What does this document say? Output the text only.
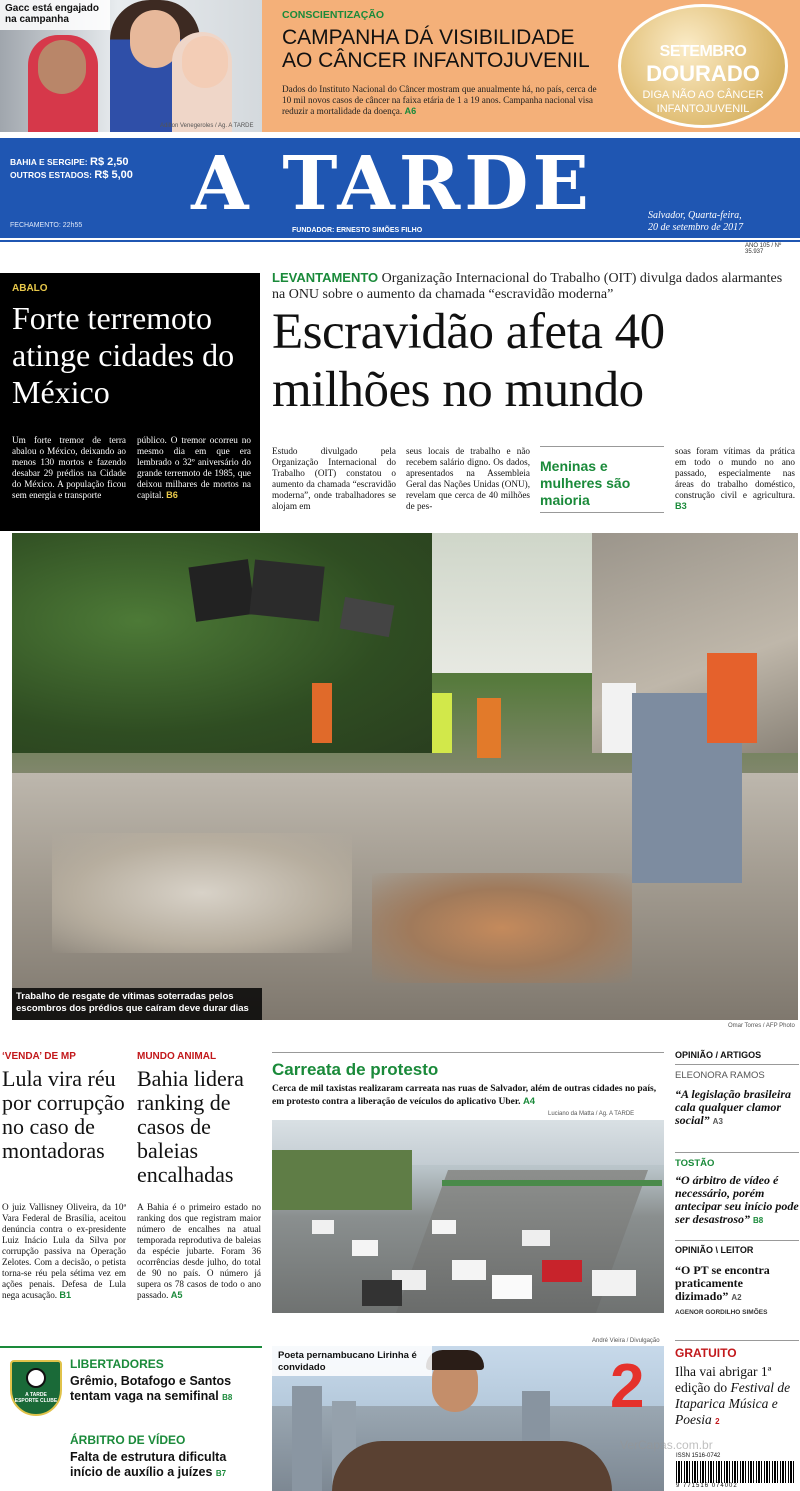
Gacc está engajado na campanha
Adilton Venegeroles / Ag. A TARDE
CONSCIENTIZAÇÃO
CAMPANHA DÁ VISIBILIDADE
AO CÂNCER INFANTOJUVENIL
Dados do Instituto Nacional do Câncer mostram que anualmente há, no país, cerca de 10 mil novos casos de câncer na faixa etária de 1 a 19 anos. Campanha nacional visa reduzir a mortalidade da doença. A6
SETEMBRO
DOURADO
DIGA NÃO AO CÂNCER
INFANTOJUVENIL
BAHIA E SERGIPE: R$ 2,50
OUTROS ESTADOS: R$ 5,00
FECHAMENTO: 22h55	A TARDE
FUNDADOR: ERNESTO SIMÕES FILHO
Salvador, Quarta-feira,
20 de setembro de 2017
ANO 105 / Nº 35.937
ABALO
Forte terremoto atinge cidades do México
Um forte tremor de terra abalou o México, deixando ao menos 130 mortos e fazendo desabar 29 prédios na Cidade do México. A população ficou sem energia e transporte
público. O tremor ocorreu no mesmo dia em que era lembrado o 32º aniversário do grande terremoto de 1985, que deixou milhares de mortos na capital. B6
LEVANTAMENTO Organização Internacional do Trabalho (OIT) divulga dados alarmantes na ONU sobre o aumento da chamada “escravidão moderna”
Escravidão afeta 40
milhões no mundo
Estudo divulgado pela Organização Internacional do Trabalho (OIT) constatou o aumento da chamada “escravidão moderna”, onde trabalhadores se alojam em
seus locais de trabalho e não recebem salário digno. Os dados, apresentados na Assembleia Geral das Nações Unidas (ONU), revelam que cerca de 40 milhões de pes-
Meninas e mulheres são maioria
soas foram vítimas da prática em todo o mundo no ano passado, especialmente nas áreas do trabalho doméstico, construção civil e agricultura. B3
Trabalho de resgate de vítimas soterradas pelos escombros dos prédios que caíram deve durar dias
Omar Torres / AFP Photo
‘VENDA’ DE MP
Lula vira réu por corrupção no caso de montadoras
O juiz Vallisney Oliveira, da 10ª Vara Federal de Brasília, aceitou denúncia contra o ex-presidente Luiz Inácio Lula da Silva por corrupção passiva na Operação Zelotes. Com a decisão, o petista torna-se réu pela sétima vez em ações penais. Defesa de Lula nega acusação. B1
MUNDO ANIMAL
Bahia lidera ranking de casos de baleias encalhadas
A Bahia é o primeiro estado no ranking dos que registram maior número de encalhes na atual temporada reprodutiva de baleias da espécie jubarte. Foram 36 ocorrências desde julho, do total de 90 no país. O número já supera os 78 casos de todo o ano passado. A5
Carreata de protesto
Cerca de mil taxistas realizaram carreata nas ruas de Salvador, além de outras cidades no país, em protesto contra a liberação de veículos do aplicativo Uber. A4
Luciano da Matta / Ag. A TARDE
OPINIÃO / ARTIGOS
ELEONORA RAMOS
“A legislação brasileira cala qualquer clamor social” A3
TOSTÃO
“O árbitro de vídeo é necessário, porém antecipar seu início pode ser desastroso” B8
OPINIÃO \ LEITOR
“O PT se encontra praticamente dizimado” A2
AGENOR GORDILHO SIMÕES
A TARDE ESPORTE CLUBE
LIBERTADORES
Grêmio, Botafogo e Santos tentam vaga na semifinal B8
ÁRBITRO DE VÍDEO
Falta de estrutura dificulta início de auxílio a juízes B7
André Vieira / Divulgação
Poeta pernambucano Lirinha é convidado	2	GRATUITO
Ilha vai abrigar 1ª edição do Festival de Itaparica Música e Poesia 2
ISSN 1516-0742
9 771516 074002
VerCapas.com.br
